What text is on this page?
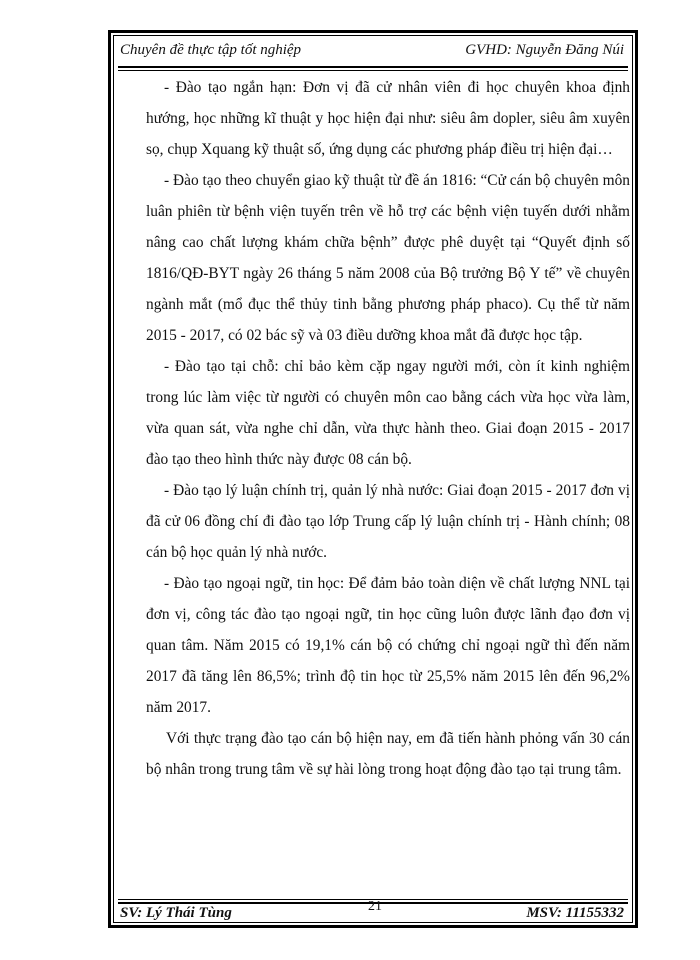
Chuyên đề thực tập tốt nghiệp	GVHD: Nguyễn Đăng Núi

- Đào tạo ngắn hạn: Đơn vị đã cử nhân viên đi học chuyên khoa định hướng, học những kĩ thuật y học hiện đại như: siêu âm dopler, siêu âm xuyên sọ, chụp Xquang kỹ thuật số, ứng dụng các phương pháp điều trị hiện đại…

- Đào tạo theo chuyển giao kỹ thuật từ đề án 1816: “Cử cán bộ chuyên môn luân phiên từ bệnh viện tuyến trên về hỗ trợ các bệnh viện tuyến dưới nhằm nâng cao chất lượng khám chữa bệnh” được phê duyệt tại “Quyết định số 1816/QĐ-BYT ngày 26 tháng 5 năm 2008 của Bộ trưởng Bộ Y tế” về chuyên ngành mắt (mổ đục thể thủy tinh bằng phương pháp phaco). Cụ thể từ năm 2015 - 2017, có 02 bác sỹ và 03 điều dưỡng khoa mắt đã được học tập.

- Đào tạo tại chỗ: chỉ bảo kèm cặp ngay người mới, còn ít kinh nghiệm trong lúc làm việc từ người có chuyên môn cao bằng cách vừa học vừa làm, vừa quan sát, vừa nghe chỉ dẫn, vừa thực hành theo. Giai đoạn 2015 - 2017 đào tạo theo hình thức này được 08 cán bộ.

- Đào tạo lý luận chính trị, quản lý nhà nước: Giai đoạn 2015 - 2017 đơn vị đã cử 06 đồng chí đi đào tạo lớp Trung cấp lý luận chính trị - Hành chính; 08 cán bộ học quản lý nhà nước.

- Đào tạo ngoại ngữ, tin học: Để đảm bảo toàn diện về chất lượng NNL tại đơn vị, công tác đào tạo ngoại ngữ, tin học cũng luôn được lãnh đạo đơn vị quan tâm. Năm 2015 có 19,1% cán bộ có chứng chỉ ngoại ngữ thì đến năm 2017 đã tăng lên 86,5%; trình độ tin học từ 25,5% năm 2015 lên đến 96,2% năm 2017.

Với thực trạng đào tạo cán bộ hiện nay, em đã tiến hành phỏng vấn 30 cán bộ nhân trong trung tâm về sự hài lòng trong hoạt động đào tạo tại trung tâm.

SV: Lý Thái Tùng	21	MSV: 11155332
